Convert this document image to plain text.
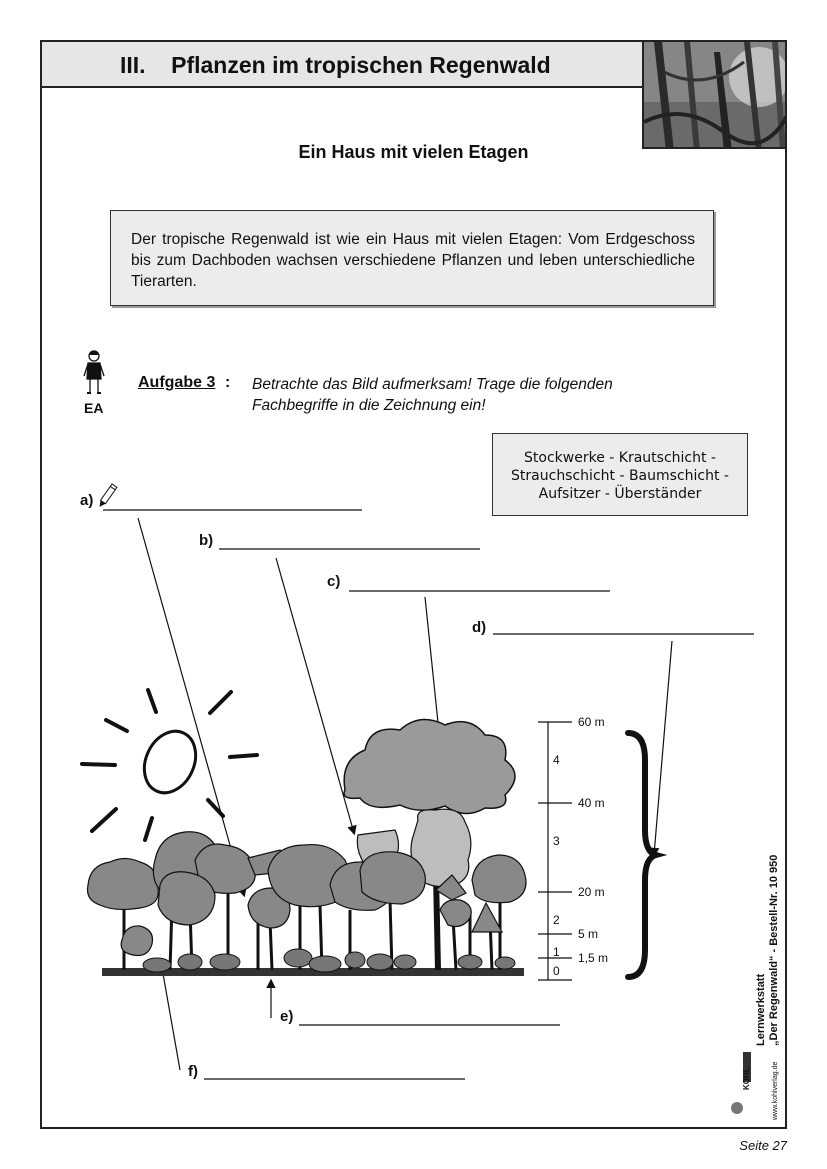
III.    Pflanzen im tropischen Regenwald
Ein Haus mit vielen Etagen
Der tropische Regenwald ist wie ein Haus mit vielen Etagen: Vom Erdgeschoss bis zum Dachboden wachsen verschiedene Pflanzen und leben unterschiedliche Tierarten.
EA
Aufgabe 3 : Betrachte das Bild aufmerksam! Trage die folgenden Fachbegriffe in die Zeichnung ein!
Stockwerke - Krautschicht -
Strauchschicht - Baumschicht -
Aufsitzer - Überständer
a)
b)
c)
d)
e)
f)
60 m
40 m
20 m
5 m
1,5 m
4
3
2
1
0
Lernwerkstatt „Der Regenwald“ - Bestell-Nr. 10 950
KOHL	www.kohlverlag.de
Seite 27
